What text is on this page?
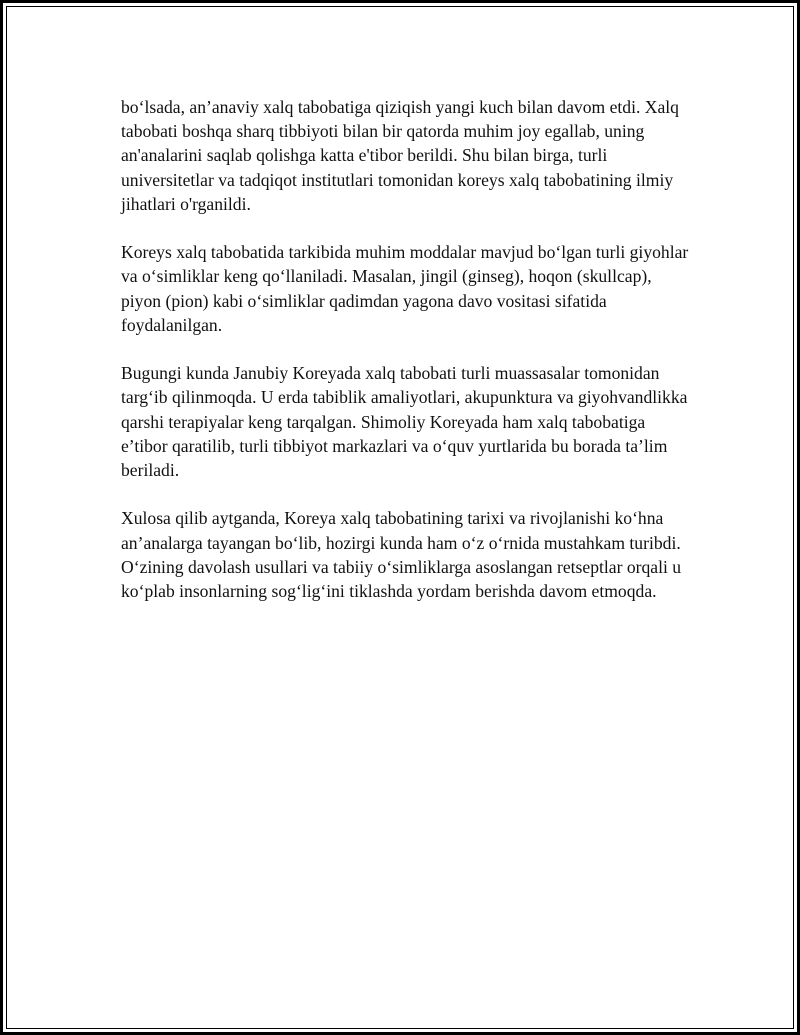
bo‘lsada, an’anaviy xalq tabobatiga qiziqish yangi kuch bilan davom etdi. Xalq tabobati boshqa sharq tibbiyoti bilan bir qatorda muhim joy egallab, uning an'analarini saqlab qolishga katta e'tibor berildi. Shu bilan birga, turli universitetlar va tadqiqot institutlari tomonidan koreys xalq tabobatining ilmiy jihatlari o'rganildi.

Koreys xalq tabobatida tarkibida muhim moddalar mavjud bo‘lgan turli giyohlar va o‘simliklar keng qo‘llaniladi. Masalan, jingil (ginseg), hoqon (skullcap), piyon (pion) kabi o‘simliklar qadimdan yagona davo vositasi sifatida foydalanilgan.

Bugungi kunda Janubiy Koreyada xalq tabobati turli muassasalar tomonidan targ‘ib qilinmoqda. U erda tabiblik amaliyotlari, akupunktura va giyohvandlikka qarshi terapiyalar keng tarqalgan. Shimoliy Koreyada ham xalq tabobatiga e’tibor qaratilib, turli tibbiyot markazlari va o‘quv yurtlarida bu borada ta’lim beriladi.

Xulosa qilib aytganda, Koreya xalq tabobatining tarixi va rivojlanishi ko‘hna an’analarga tayangan bo‘lib, hozirgi kunda ham o‘z o‘rnida mustahkam turibdi. O‘zining davolash usullari va tabiiy o‘simliklarga asoslangan retseptlar orqali u ko‘plab insonlarning sog‘lig‘ini tiklashda yordam berishda davom etmoqda.
